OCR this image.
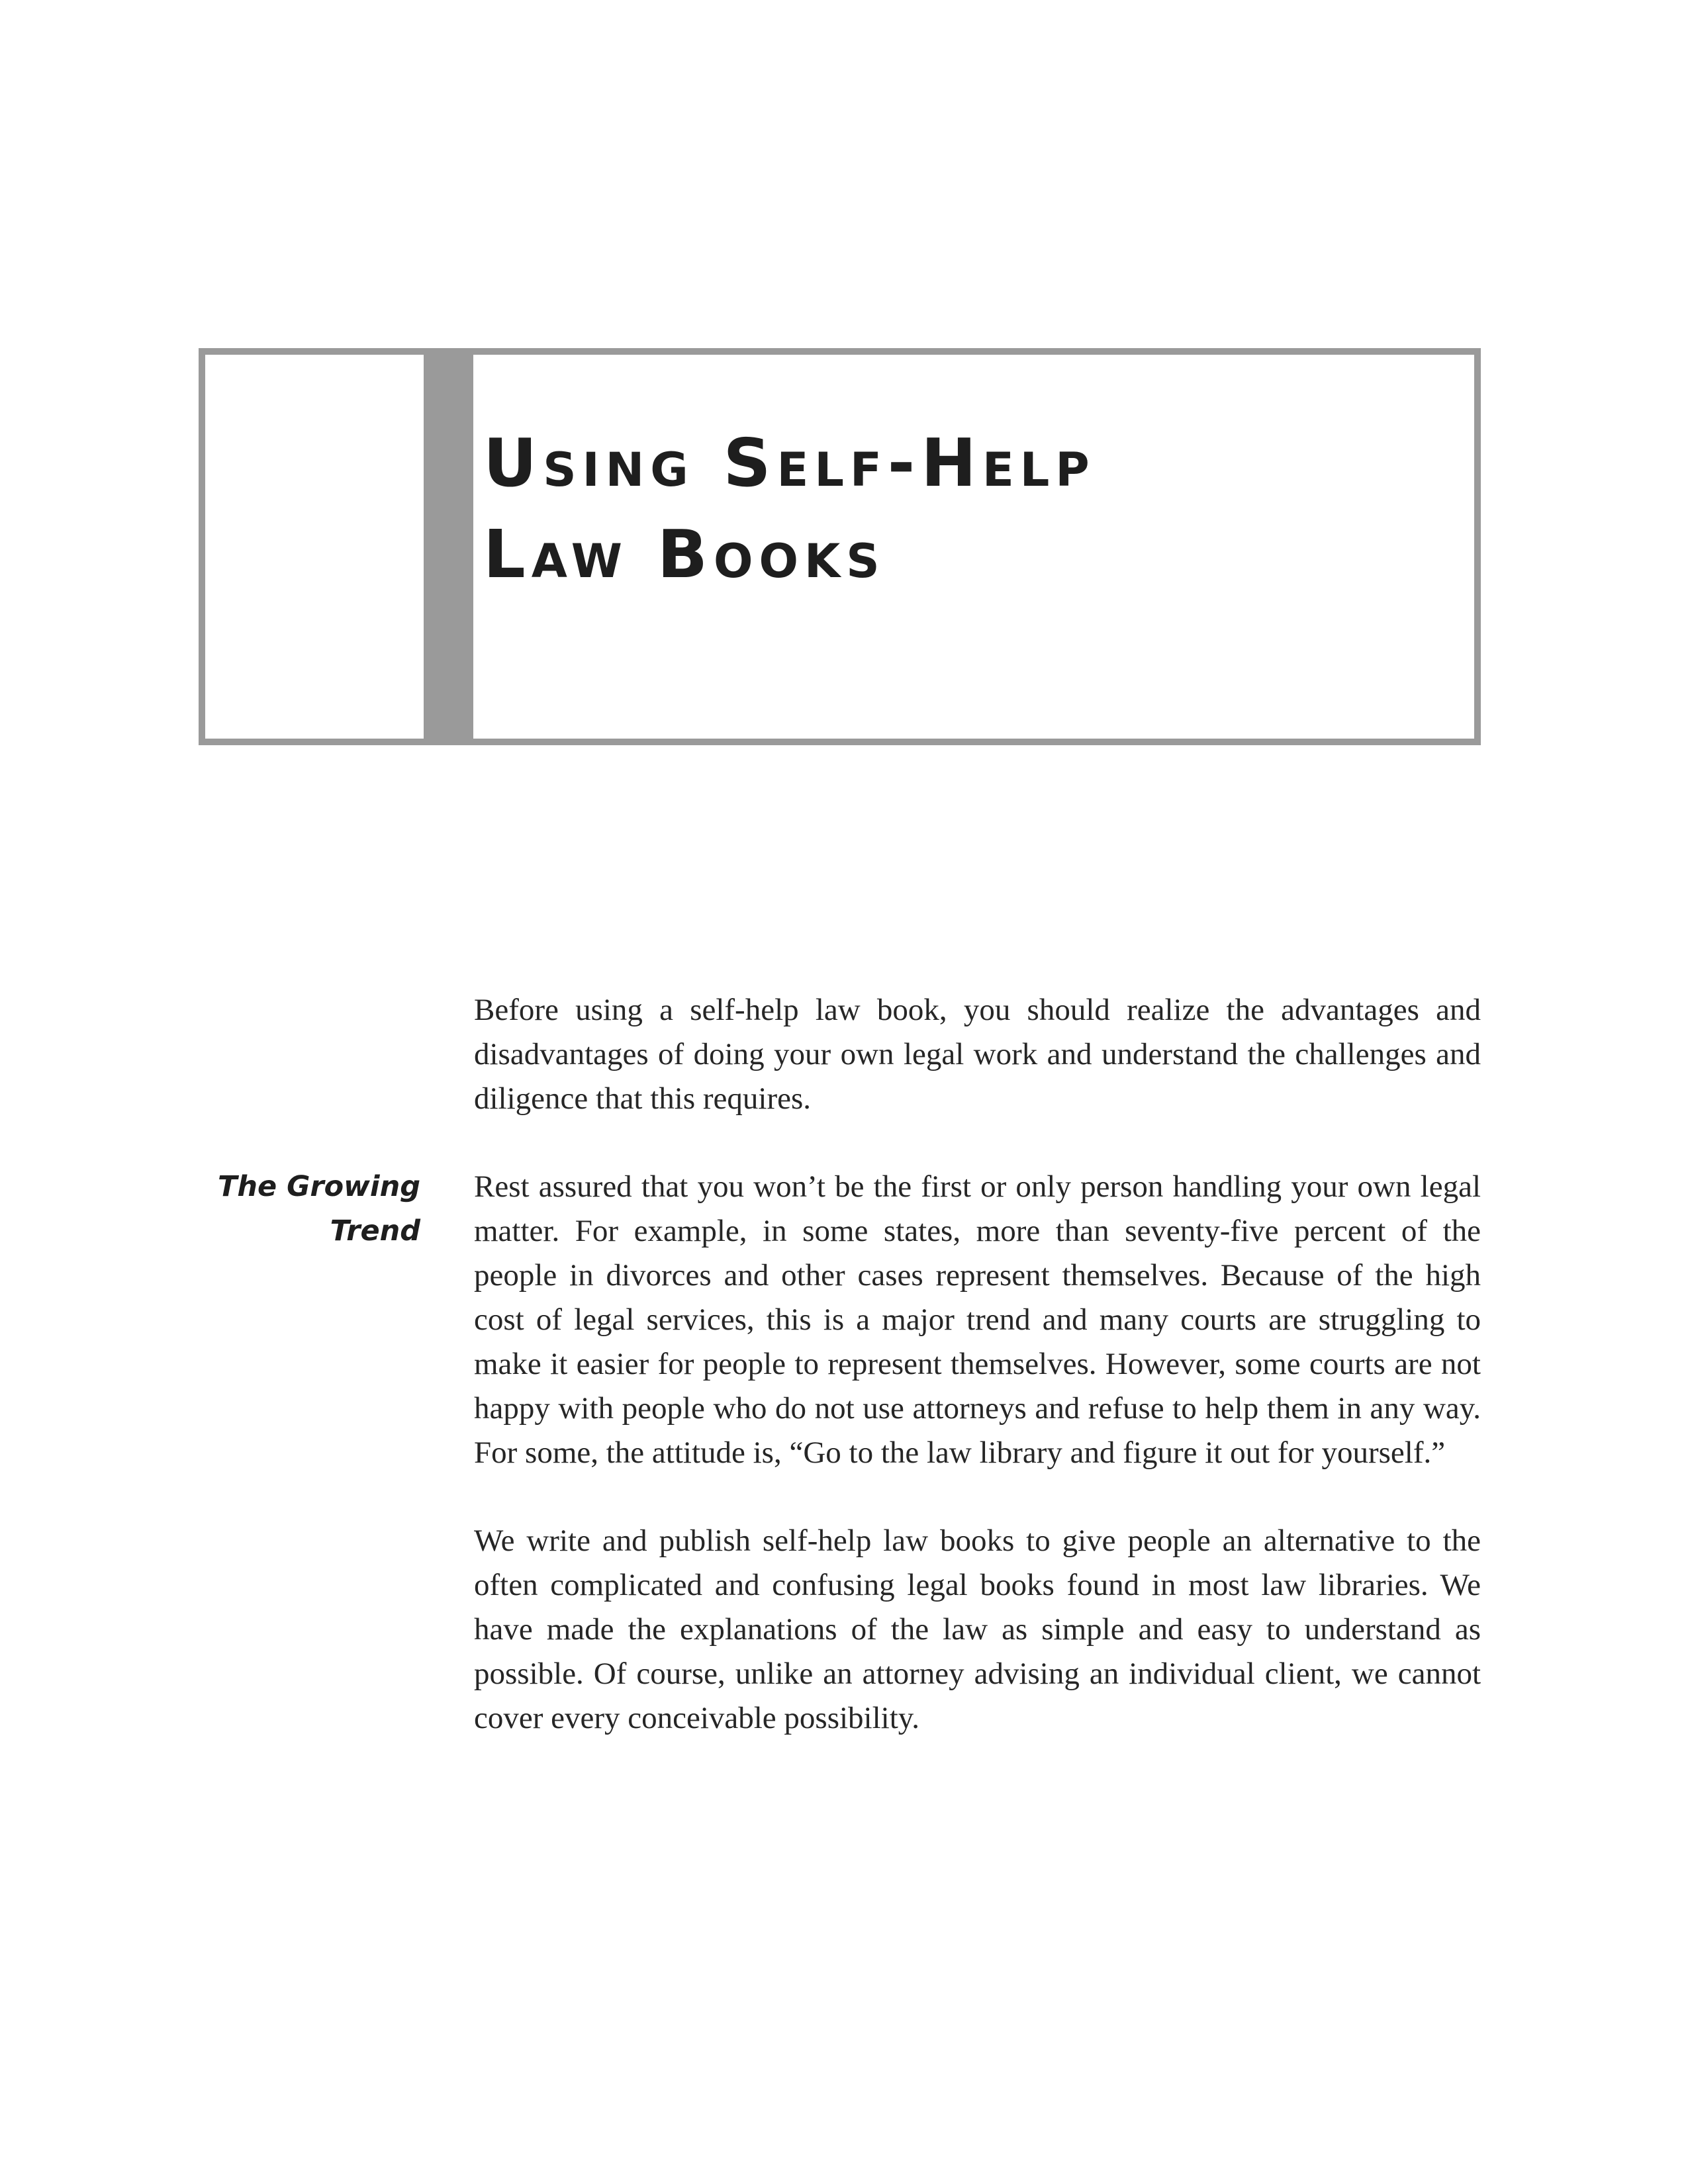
Using Self-Help
Law Books

Before using a self-help law book, you should realize the advantages and disadvantages of doing your own legal work and understand the challenges and diligence that this requires.

The Growing
Trend

Rest assured that you won’t be the first or only person handling your own legal matter. For example, in some states, more than seventy-five percent of the people in divorces and other cases represent themselves. Because of the high cost of legal services, this is a major trend and many courts are struggling to make it easier for people to represent themselves. However, some courts are not happy with people who do not use attorneys and refuse to help them in any way. For some, the attitude is, “Go to the law library and figure it out for yourself.”

We write and publish self-help law books to give people an alternative to the often complicated and confusing legal books found in most law libraries. We have made the explanations of the law as simple and easy to understand as possible. Of course, unlike an attorney advising an individual client, we cannot cover every conceivable possibility.
